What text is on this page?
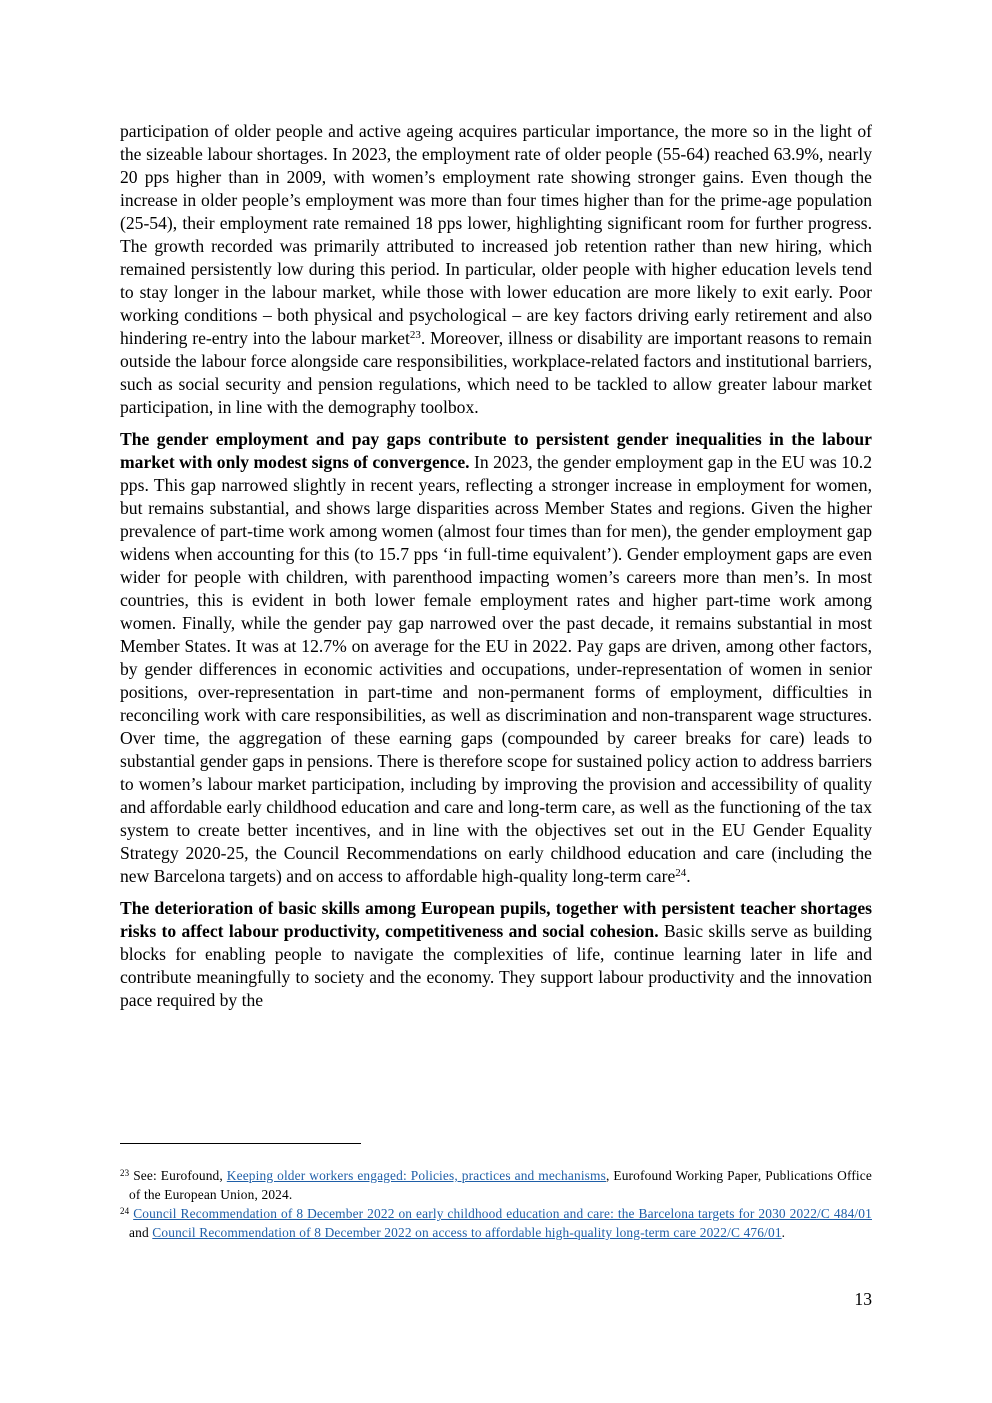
participation of older people and active ageing acquires particular importance, the more so in the light of the sizeable labour shortages. In 2023, the employment rate of older people (55-64) reached 63.9%, nearly 20 pps higher than in 2009, with women’s employment rate showing stronger gains. Even though the increase in older people’s employment was more than four times higher than for the prime-age population (25-54), their employment rate remained 18 pps lower, highlighting significant room for further progress. The growth recorded was primarily attributed to increased job retention rather than new hiring, which remained persistently low during this period. In particular, older people with higher education levels tend to stay longer in the labour market, while those with lower education are more likely to exit early. Poor working conditions – both physical and psychological – are key factors driving early retirement and also hindering re-entry into the labour market$^{23}$. Moreover, illness or disability are important reasons to remain outside the labour force alongside care responsibilities, workplace-related factors and institutional barriers, such as social security and pension regulations, which need to be tackled to allow greater labour market participation, in line with the demography toolbox.

The gender employment and pay gaps contribute to persistent gender inequalities in the labour market with only modest signs of convergence. In 2023, the gender employment gap in the EU was 10.2 pps. This gap narrowed slightly in recent years, reflecting a stronger increase in employment for women, but remains substantial, and shows large disparities across Member States and regions. Given the higher prevalence of part-time work among women (almost four times than for men), the gender employment gap widens when accounting for this (to 15.7 pps ‘in full-time equivalent’). Gender employment gaps are even wider for people with children, with parenthood impacting women’s careers more than men’s. In most countries, this is evident in both lower female employment rates and higher part-time work among women. Finally, while the gender pay gap narrowed over the past decade, it remains substantial in most Member States. It was at 12.7% on average for the EU in 2022. Pay gaps are driven, among other factors, by gender differences in economic activities and occupations, under-representation of women in senior positions, over-representation in part-time and non-permanent forms of employment, difficulties in reconciling work with care responsibilities, as well as discrimination and non-transparent wage structures. Over time, the aggregation of these earning gaps (compounded by career breaks for care) leads to substantial gender gaps in pensions. There is therefore scope for sustained policy action to address barriers to women’s labour market participation, including by improving the provision and accessibility of quality and affordable early childhood education and care and long-term care, as well as the functioning of the tax system to create better incentives, and in line with the objectives set out in the EU Gender Equality Strategy 2020-25, the Council Recommendations on early childhood education and care (including the new Barcelona targets) and on access to affordable high-quality long-term care$^{24}$.

The deterioration of basic skills among European pupils, together with persistent teacher shortages risks to affect labour productivity, competitiveness and social cohesion. Basic skills serve as building blocks for enabling people to navigate the complexities of life, continue learning later in life and contribute meaningfully to society and the economy. They support labour productivity and the innovation pace required by the

$^{23}$ See: Eurofound, Keeping older workers engaged: Policies, practices and mechanisms, Eurofound Working Paper, Publications Office of the European Union, 2024.

$^{24}$ Council Recommendation of 8 December 2022 on early childhood education and care: the Barcelona targets for 2030 2022/C 484/01 and Council Recommendation of 8 December 2022 on access to affordable high-quality long-term care 2022/C 476/01.

13
